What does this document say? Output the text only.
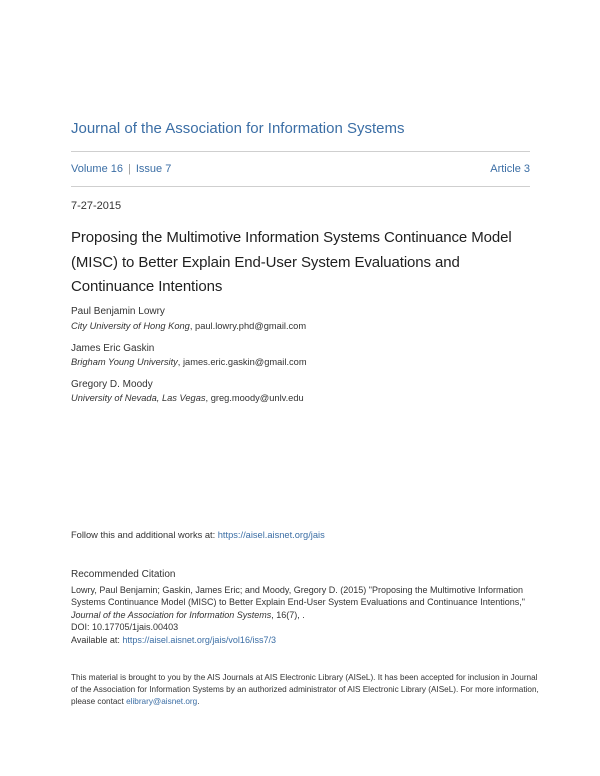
Journal of the Association for Information Systems
Volume 16 | Issue 7	Article 3
7-27-2015
Proposing the Multimotive Information Systems Continuance Model (MISC) to Better Explain End-User System Evaluations and Continuance Intentions
Paul Benjamin Lowry
City University of Hong Kong, paul.lowry.phd@gmail.com
James Eric Gaskin
Brigham Young University, james.eric.gaskin@gmail.com
Gregory D. Moody
University of Nevada, Las Vegas, greg.moody@unlv.edu
Follow this and additional works at: https://aisel.aisnet.org/jais
Recommended Citation
Lowry, Paul Benjamin; Gaskin, James Eric; and Moody, Gregory D. (2015) "Proposing the Multimotive Information Systems Continuance Model (MISC) to Better Explain End-User System Evaluations and Continuance Intentions," Journal of the Association for Information Systems, 16(7), .
DOI: 10.17705/1jais.00403
Available at: https://aisel.aisnet.org/jais/vol16/iss7/3
This material is brought to you by the AIS Journals at AIS Electronic Library (AISeL). It has been accepted for inclusion in Journal of the Association for Information Systems by an authorized administrator of AIS Electronic Library (AISeL). For more information, please contact elibrary@aisnet.org.
